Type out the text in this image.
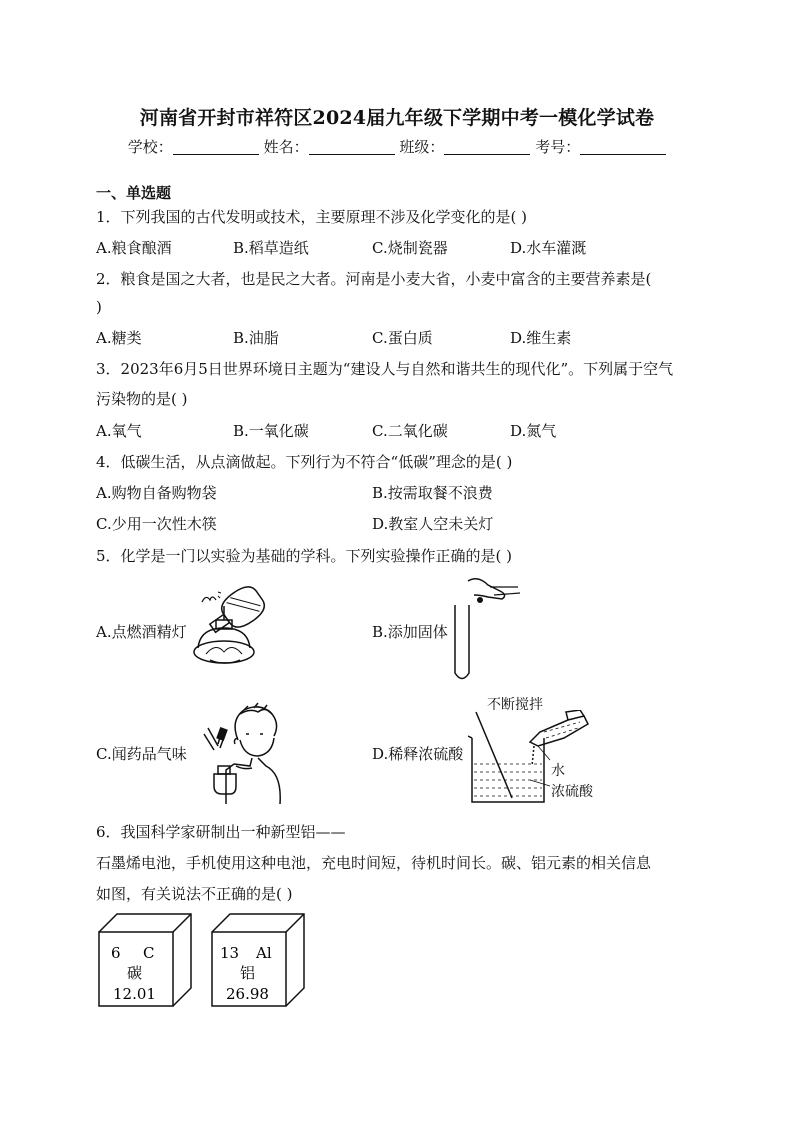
河南省开封市祥符区2024届九年级下学期中考一模化学试卷
学校：	姓名：	班级：	考号：
一、单选题
1．下列我国的古代发明或技术，主要原理不涉及化学变化的是( )
A.粮食酿酒	B.稻草造纸	C.烧制瓷器	D.水车灌溉
2．粮食是国之大者，也是民之大者。河南是小麦大省，小麦中富含的主要营养素是(
)
A.糖类	B.油脂	C.蛋白质	D.维生素
3．2023年6月5日世界环境日主题为“建设人与自然和谐共生的现代化”。下列属于空气
污染物的是( )
A.氧气	B.一氧化碳	C.二氧化碳	D.氮气
4．低碳生活，从点滴做起。下列行为不符合“低碳”理念的是( )
A.购物自备购物袋	B.按需取餐不浪费
C.少用一次性木筷	D.教室人空未关灯
5．化学是一门以实验为基础的学科。下列实验操作正确的是( )
A.点燃酒精灯	B.添加固体
C.闻药品气味	D.稀释浓硫酸
不断搅拌
水
浓硫酸
6．我国科学家研制出一种新型铝——
石墨烯电池，手机使用这种电池，充电时间短，待机时间长。碳、铝元素的相关信息
如图，有关说法不正确的是( )
6 C
碳
12.01
13 Al
铝
26.98
